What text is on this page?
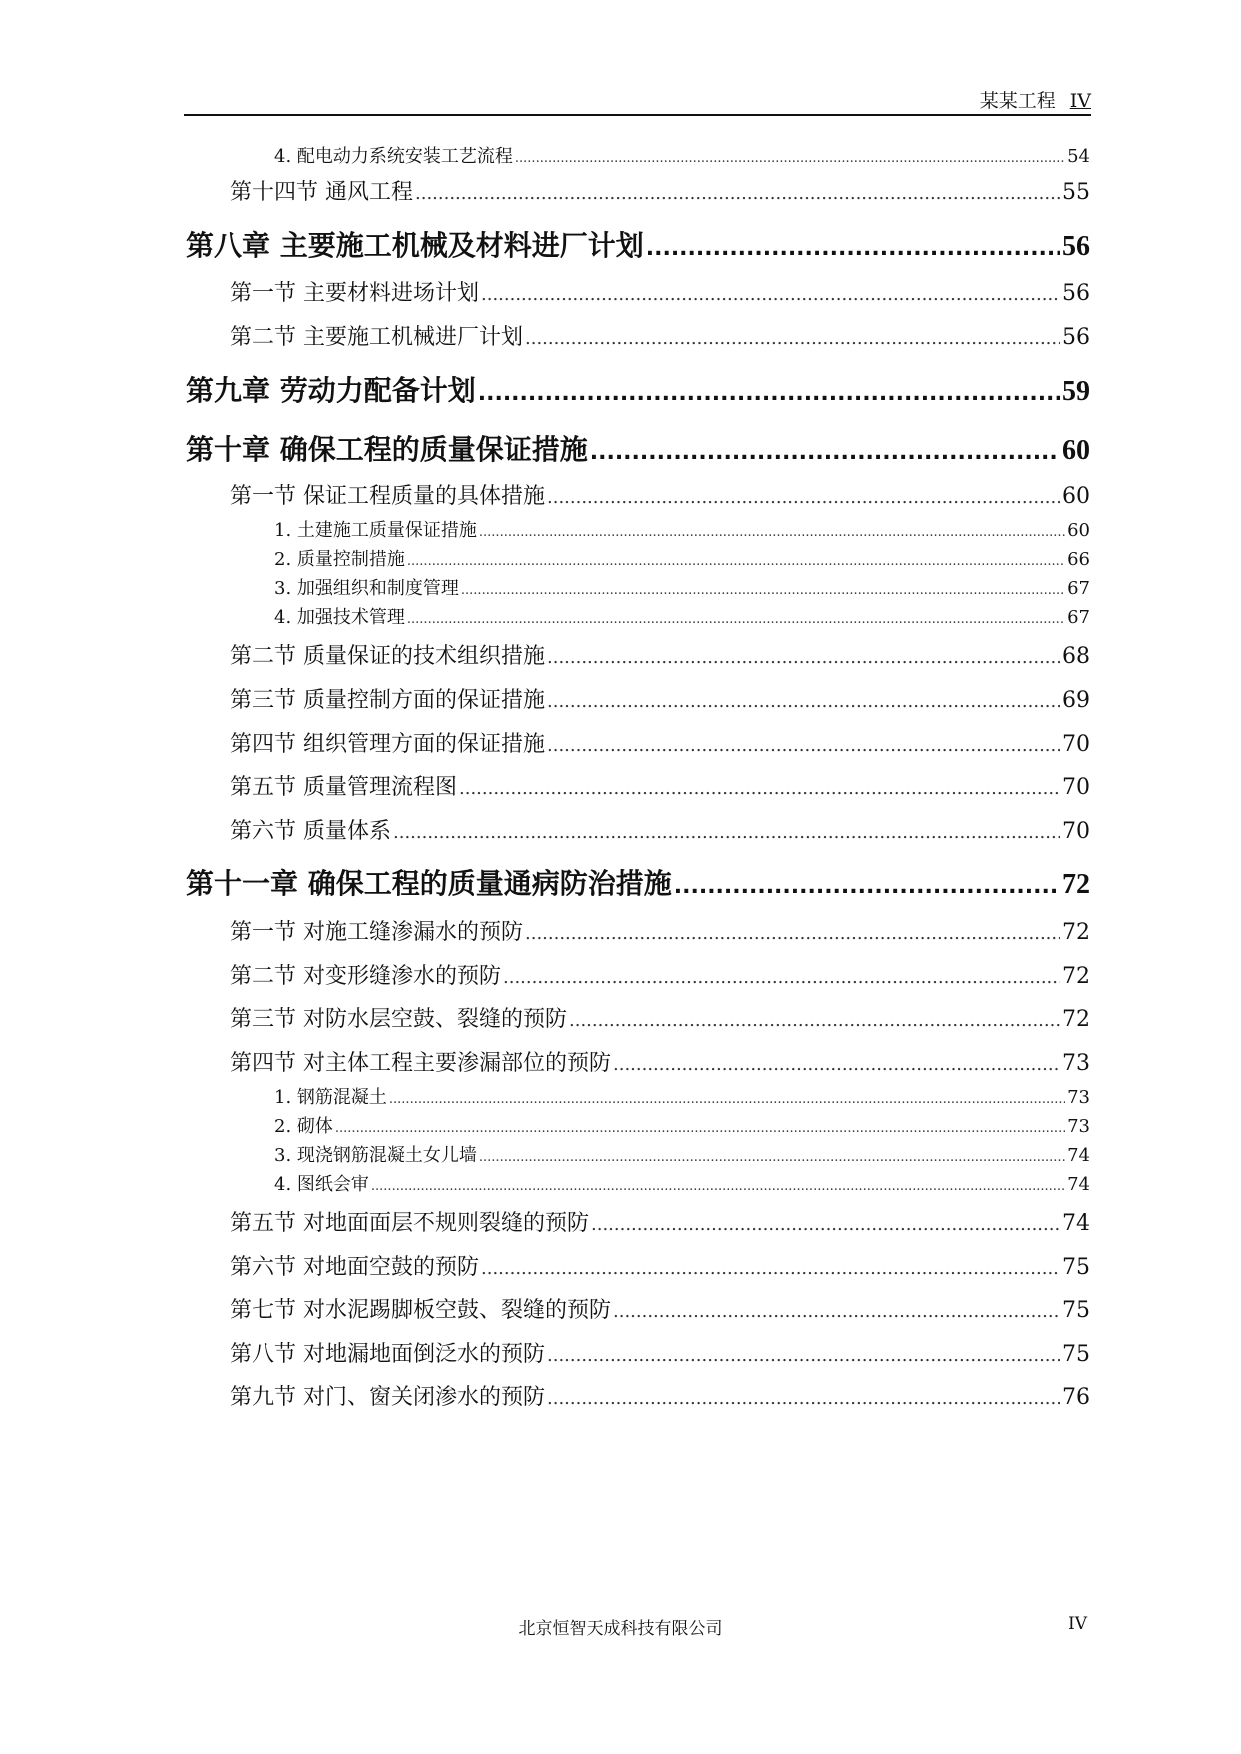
某某工程 IV
4. 配电动力系统安装工艺流程 .....	54
第十四节 通风工程 .....	55
第八章 主要施工机械及材料进厂计划 .....	56
第一节 主要材料进场计划 .....	56
第二节 主要施工机械进厂计划 .....	56
第九章 劳动力配备计划 .....	59
第十章 确保工程的质量保证措施 .....	60
第一节 保证工程质量的具体措施 .....	60
1. 土建施工质量保证措施 .....	60
2. 质量控制措施 .....	66
3. 加强组织和制度管理 .....	67
4. 加强技术管理 .....	67
第二节 质量保证的技术组织措施 .....	68
第三节 质量控制方面的保证措施 .....	69
第四节 组织管理方面的保证措施 .....	70
第五节 质量管理流程图 .....	70
第六节 质量体系 .....	70
第十一章 确保工程的质量通病防治措施 .....	72
第一节 对施工缝渗漏水的预防 .....	72
第二节 对变形缝渗水的预防 .....	72
第三节 对防水层空鼓、裂缝的预防 .....	72
第四节 对主体工程主要渗漏部位的预防 .....	73
1. 钢筋混凝土 .....	73
2. 砌体 .....	73
3. 现浇钢筋混凝土女儿墙 .....	74
4. 图纸会审 .....	74
第五节 对地面面层不规则裂缝的预防 .....	74
第六节 对地面空鼓的预防 .....	75
第七节 对水泥踢脚板空鼓、裂缝的预防 .....	75
第八节 对地漏地面倒泛水的预防 .....	75
第九节 对门、窗关闭渗水的预防 .....	76
北京恒智天成科技有限公司	IV
